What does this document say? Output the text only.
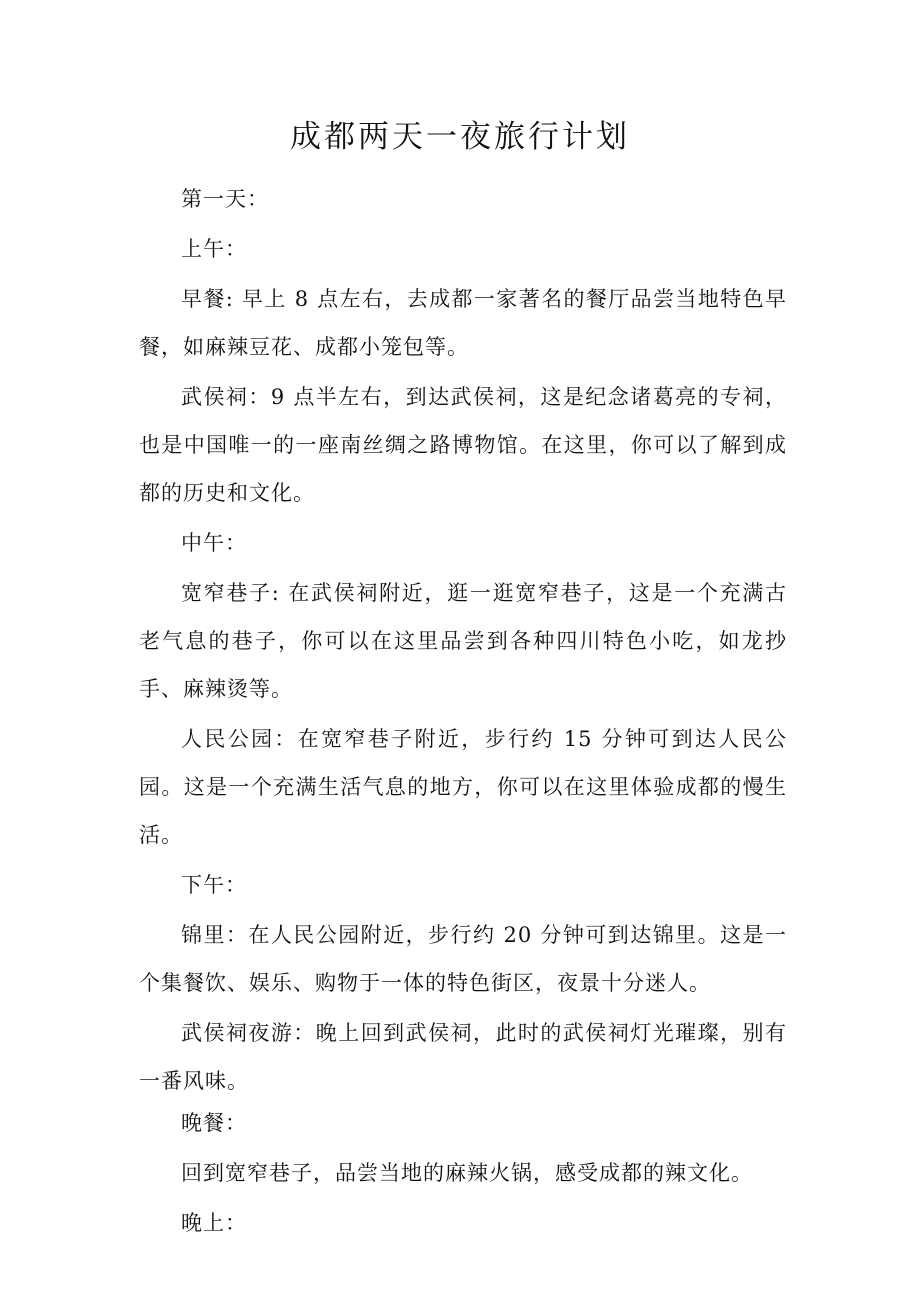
成都两天一夜旅行计划

第一天：

上午：

早餐: 早上 8 点左右，去成都一家著名的餐厅品尝当地特色早餐，如麻辣豆花、成都小笼包等。

武侯祠：9 点半左右，到达武侯祠，这是纪念诸葛亮的专祠，也是中国唯一的一座南丝绸之路博物馆。在这里，你可以了解到成都的历史和文化。

中午：

宽窄巷子: 在武侯祠附近，逛一逛宽窄巷子，这是一个充满古老气息的巷子，你可以在这里品尝到各种四川特色小吃，如龙抄手、麻辣烫等。

人民公园：在宽窄巷子附近，步行约 15 分钟可到达人民公园。这是一个充满生活气息的地方，你可以在这里体验成都的慢生活。

下午：

锦里：在人民公园附近，步行约 20 分钟可到达锦里。这是一个集餐饮、娱乐、购物于一体的特色街区，夜景十分迷人。

武侯祠夜游：晚上回到武侯祠，此时的武侯祠灯光璀璨，别有一番风味。

晚餐：

回到宽窄巷子，品尝当地的麻辣火锅，感受成都的辣文化。

晚上：
